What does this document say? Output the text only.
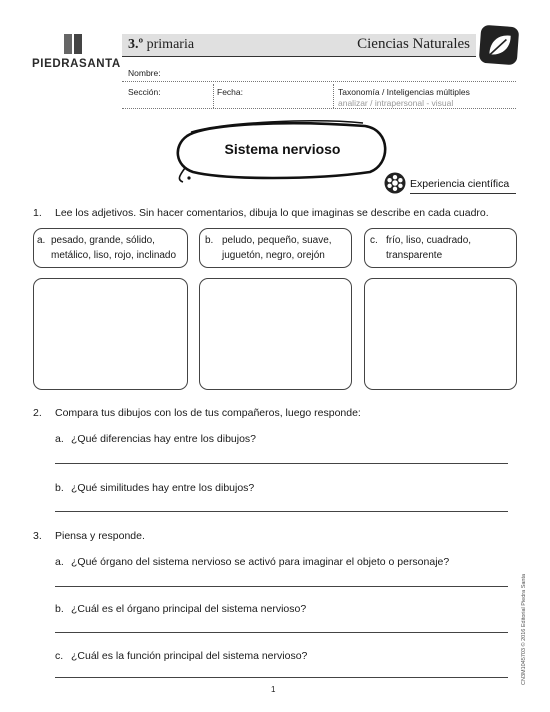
PIEDRASANTA
3.º primaria	Ciencias Naturales
Nombre:
Sección:	Fecha:	Taxonomía / Inteligencias múltiples
analizar / intrapersonal - visual
Sistema nervioso
Experiencia científica
1. Lee los adjetivos. Sin hacer comentarios, dibuja lo que imaginas se describe en cada cuadro.
a. pesado, grande, sólido,
metálico, liso, rojo, inclinado
b. peludo, pequeño, suave,
juguetón, negro, orejón
c. frío, liso, cuadrado,
transparente
2. Compara tus dibujos con los de tus compañeros, luego responde:
a. ¿Qué diferencias hay entre los dibujos?
b. ¿Qué similitudes hay entre los dibujos?
3. Piensa y responde.
a. ¿Qué órgano del sistema nervioso se activó para imaginar el objeto o personaje?
b. ¿Cuál es el órgano principal del sistema nervioso?
c. ¿Cuál es la función principal del sistema nervioso?
1
CN3M1045703 © 2016 Editorial Piedra Santa
